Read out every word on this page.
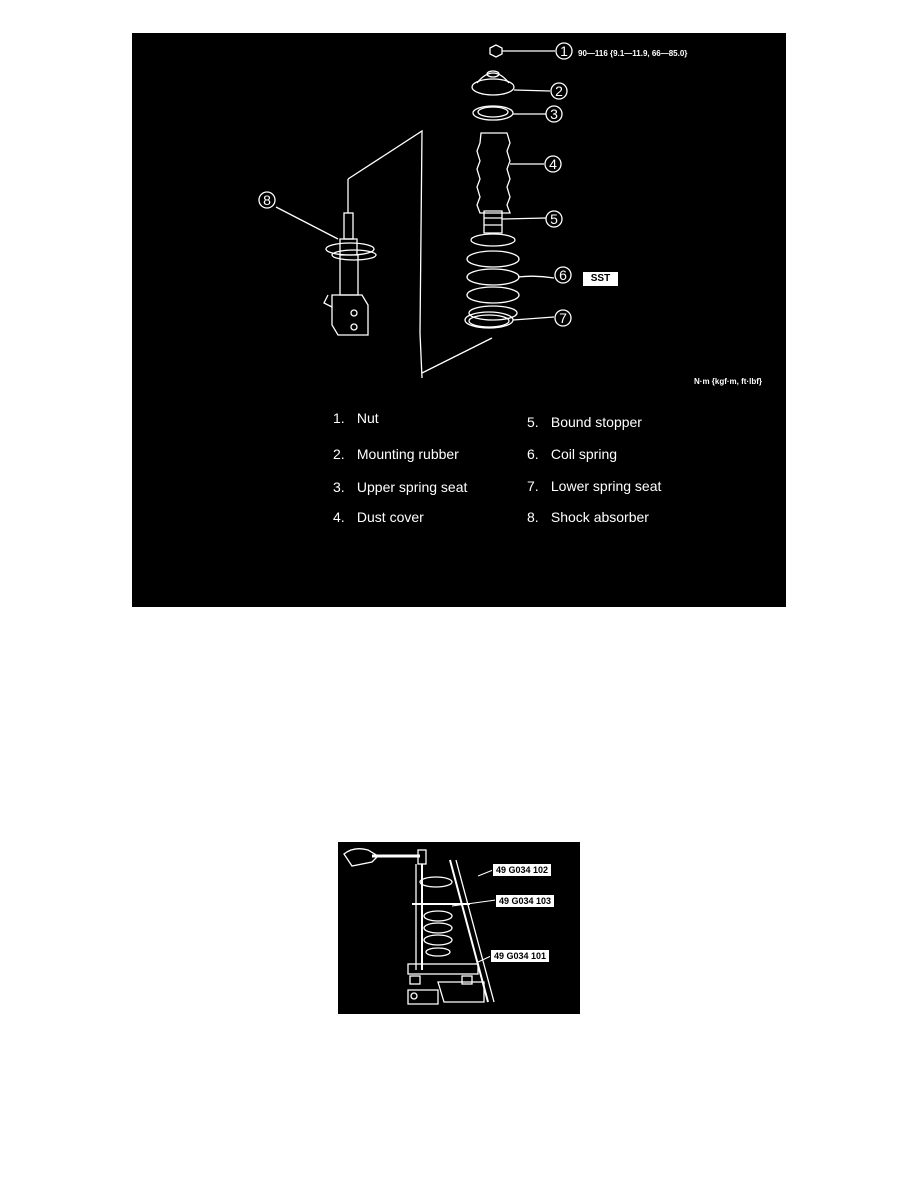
1
2
3
4
5
6
7
8
90—116 {9.1—11.9, 66—85.0}
SST
N·m {kgf·m, ft·lbf}
1. Nut
2. Mounting rubber
3. Upper spring seat
4. Dust cover
5. Bound stopper
6. Coil spring
7. Lower spring seat
8. Shock absorber
49 G034 102
49 G034 103
49 G034 101
